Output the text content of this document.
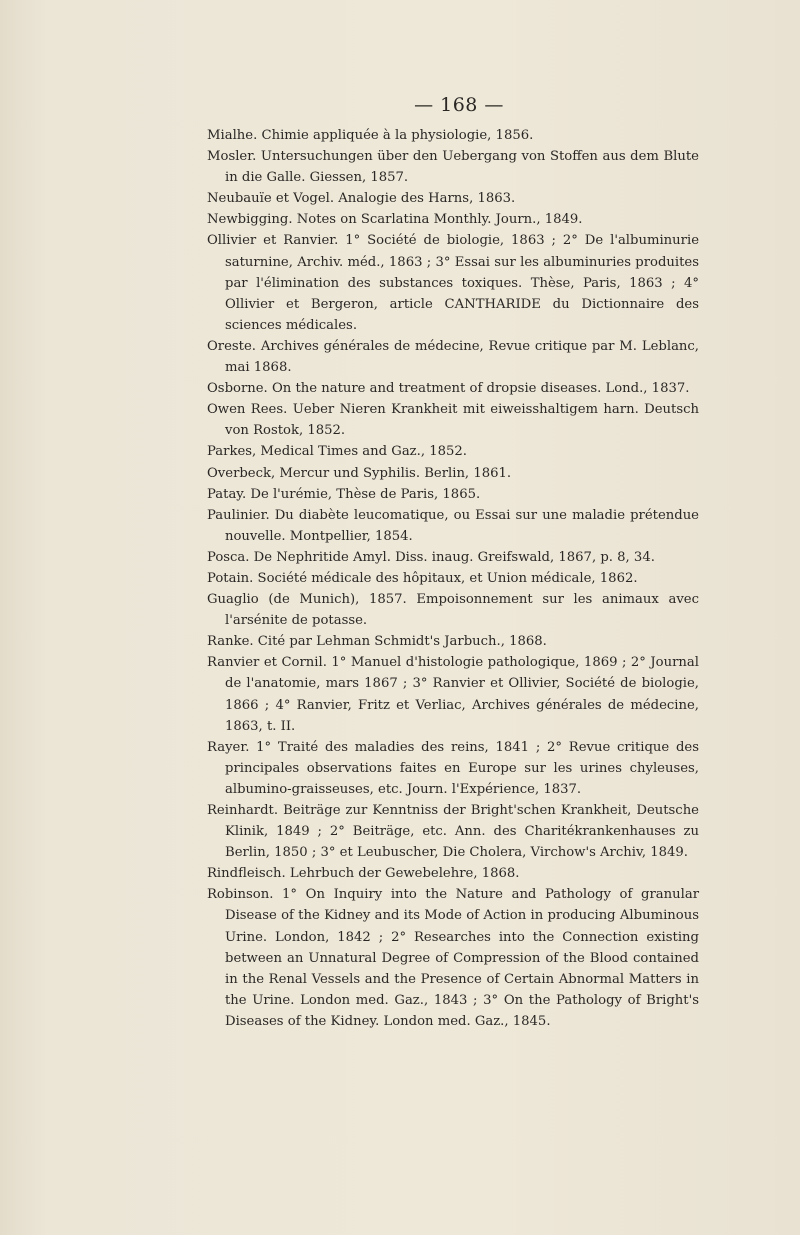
— 168 —
Mialhe. Chimie appliquée à la physiologie, 1856.
Mosler. Untersuchungen über den Uebergang von Stoffen aus dem Blute in die Galle. Giessen, 1857.
Neubauïe et Vogel. Analogie des Harns, 1863.
Newbigging. Notes on Scarlatina Monthly. Journ., 1849.
Ollivier et Ranvier. 1° Société de biologie, 1863 ; 2° De l'albuminurie saturnine, Archiv. méd., 1863 ; 3° Essai sur les albuminuries produites par l'élimination des substances toxiques. Thèse, Paris, 1863 ; 4° Ollivier et Bergeron, article CANTHARIDE du Dictionnaire des sciences médicales.
Oreste. Archives générales de médecine, Revue critique par M. Leblanc, mai 1868.
Osborne. On the nature and treatment of dropsie diseases. Lond., 1837.
Owen Rees. Ueber Nieren Krankheit mit eiweisshaltigem harn. Deutsch von Rostok, 1852.
Parkes, Medical Times and Gaz., 1852.
Overbeck, Mercur und Syphilis. Berlin, 1861.
Patay. De l'urémie, Thèse de Paris, 1865.
Paulinier. Du diabète leucomatique, ou Essai sur une maladie prétendue nouvelle. Montpellier, 1854.
Posca. De Nephritide Amyl. Diss. inaug. Greifswald, 1867, p. 8, 34.
Potain. Société médicale des hôpitaux, et Union médicale, 1862.
Guaglio (de Munich), 1857. Empoisonnement sur les animaux avec l'arsénite de potasse.
Ranke. Cité par Lehman Schmidt's Jarbuch., 1868.
Ranvier et Cornil. 1° Manuel d'histologie pathologique, 1869 ; 2° Journal de l'anatomie, mars 1867 ; 3° Ranvier et Ollivier, Société de biologie, 1866 ; 4° Ranvier, Fritz et Verliac, Archives générales de médecine, 1863, t. II.
Rayer. 1° Traité des maladies des reins, 1841 ; 2° Revue critique des principales observations faites en Europe sur les urines chyleuses, albumino-graisseuses, etc. Journ. l'Expérience, 1837.
Reinhardt. Beiträge zur Kenntniss der Bright'schen Krankheit, Deutsche Klinik, 1849 ; 2° Beiträge, etc. Ann. des Charitékrankenhauses zu Berlin, 1850 ; 3° et Leubuscher, Die Cholera, Virchow's Archiv, 1849.
Rindfleisch. Lehrbuch der Gewebelehre, 1868.
Robinson. 1° On Inquiry into the Nature and Pathology of granular Disease of the Kidney and its Mode of Action in producing Albuminous Urine. London, 1842 ; 2° Researches into the Connection existing between an Unnatural Degree of Compression of the Blood contained in the Renal Vessels and the Presence of Certain Abnormal Matters in the Urine. London med. Gaz., 1843 ; 3° On the Pathology of Bright's Diseases of the Kidney. London med. Gaz., 1845.
